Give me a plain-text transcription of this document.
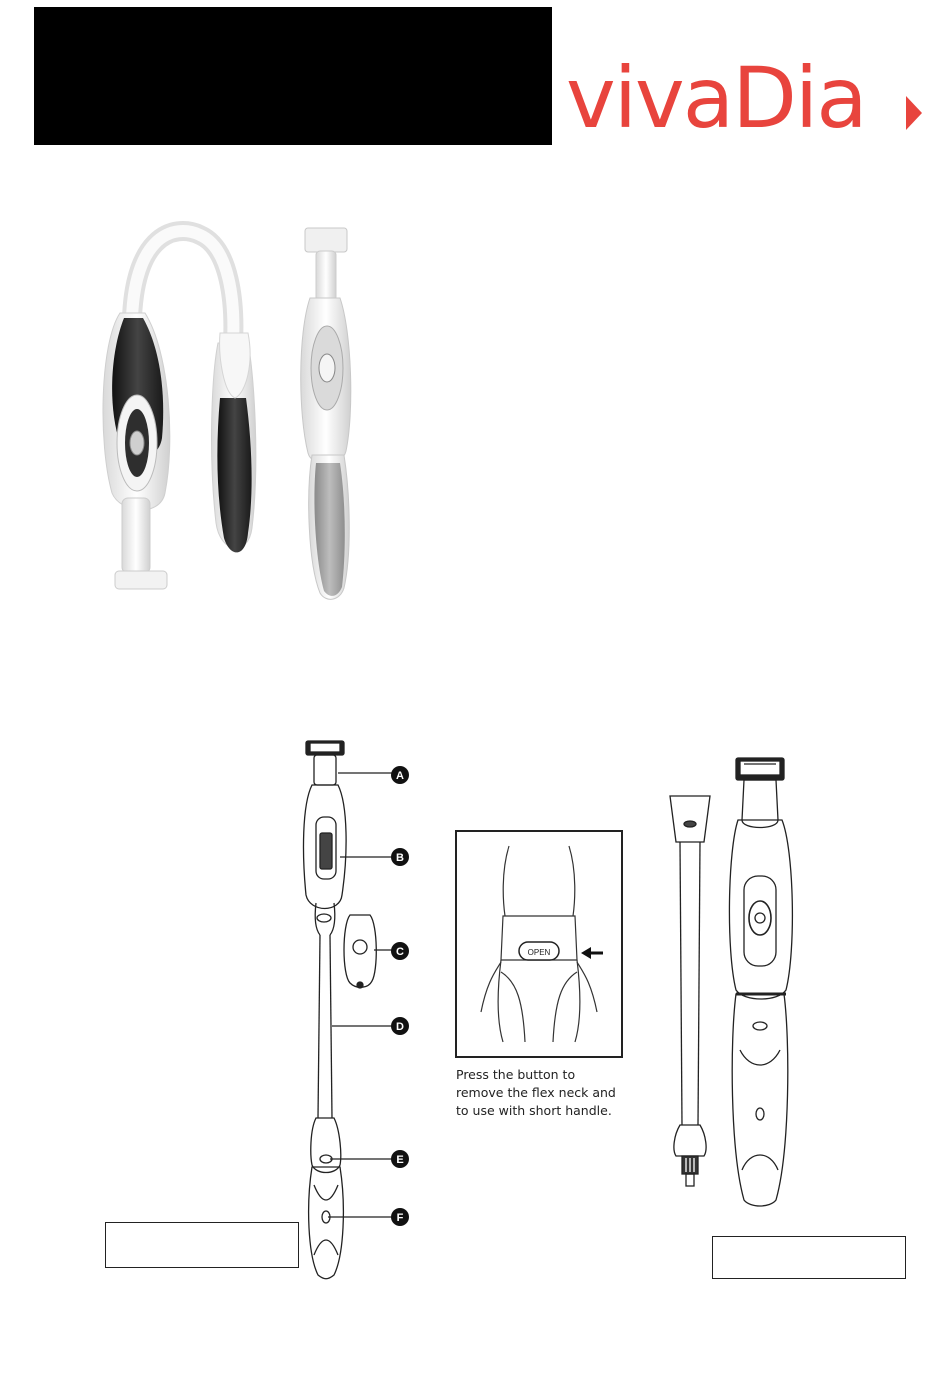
vivaDia
A
B
C
D
E
F
OPEN
Press the button to
remove the flex neck and
to use with short handle.
